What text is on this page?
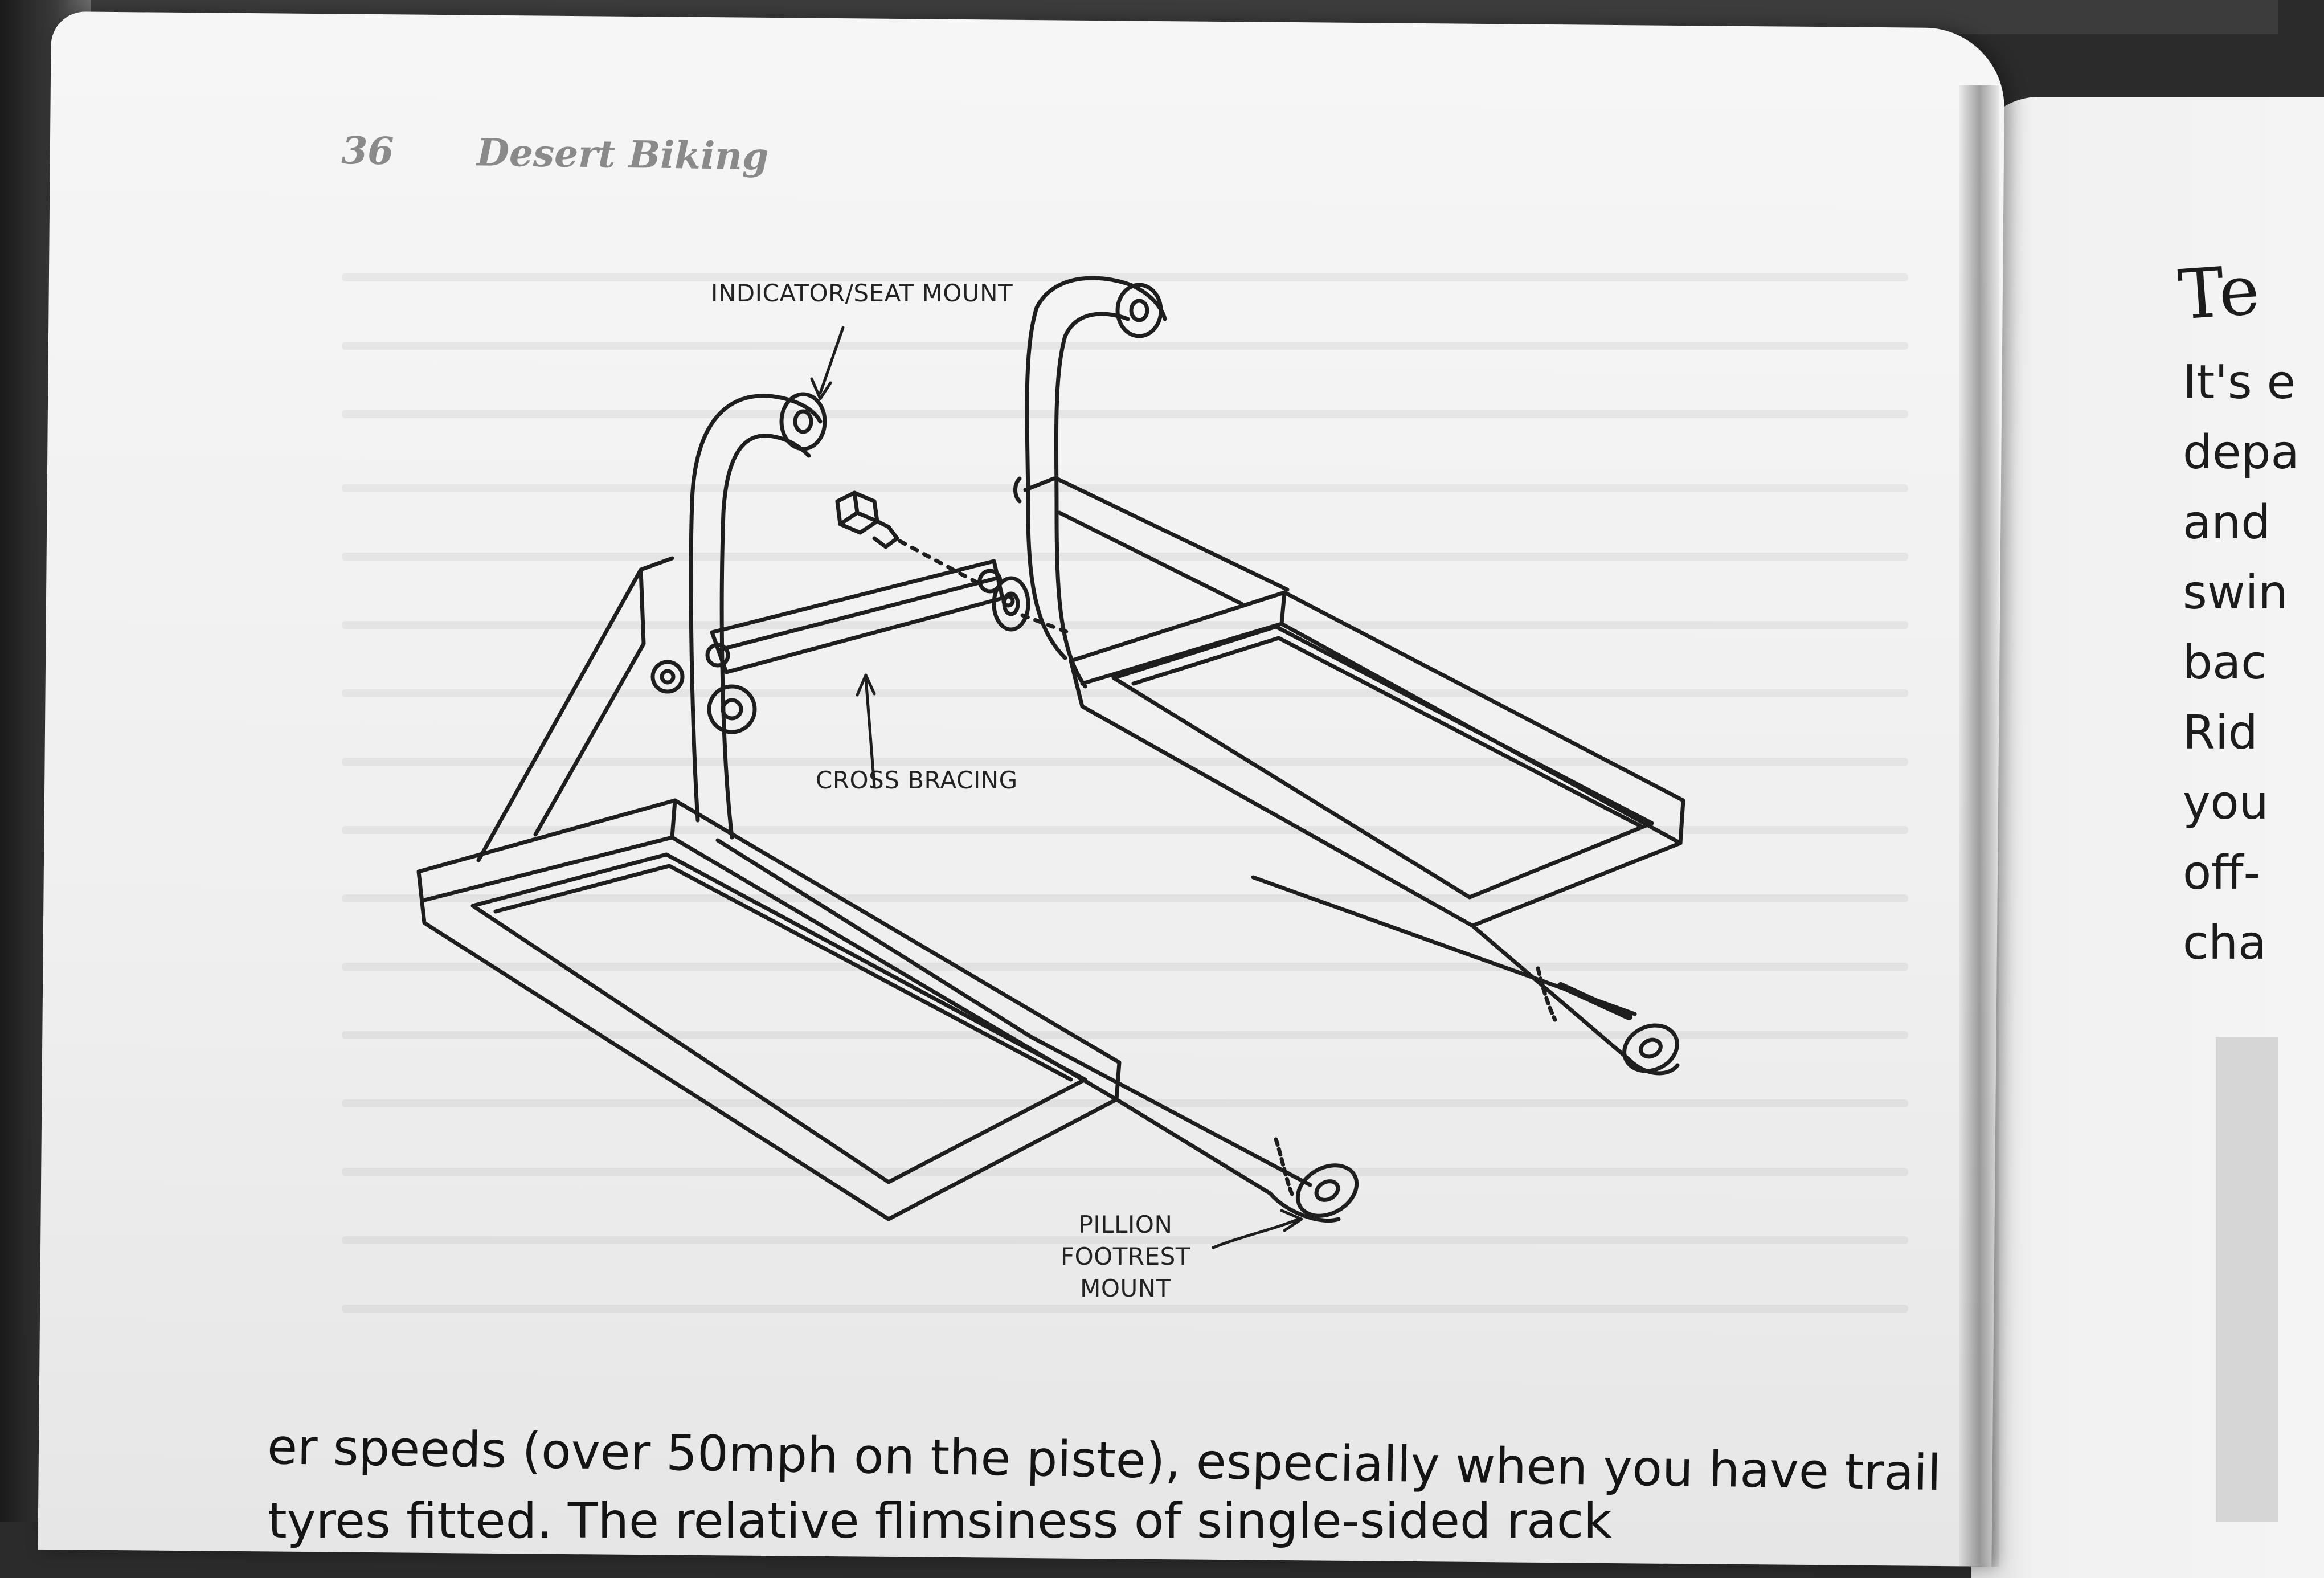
36 Desert Biking
INDICATOR/SEAT MOUNT
CROSS BRACING
PILLION
FOOTREST
MOUNT
er speeds (over 50mph on the piste), especially when you have trail
tyres fitted. The relative flimsiness of single-sided rack
Te
It's e
depa
and
swin
bac
Rid
you
off-
cha
